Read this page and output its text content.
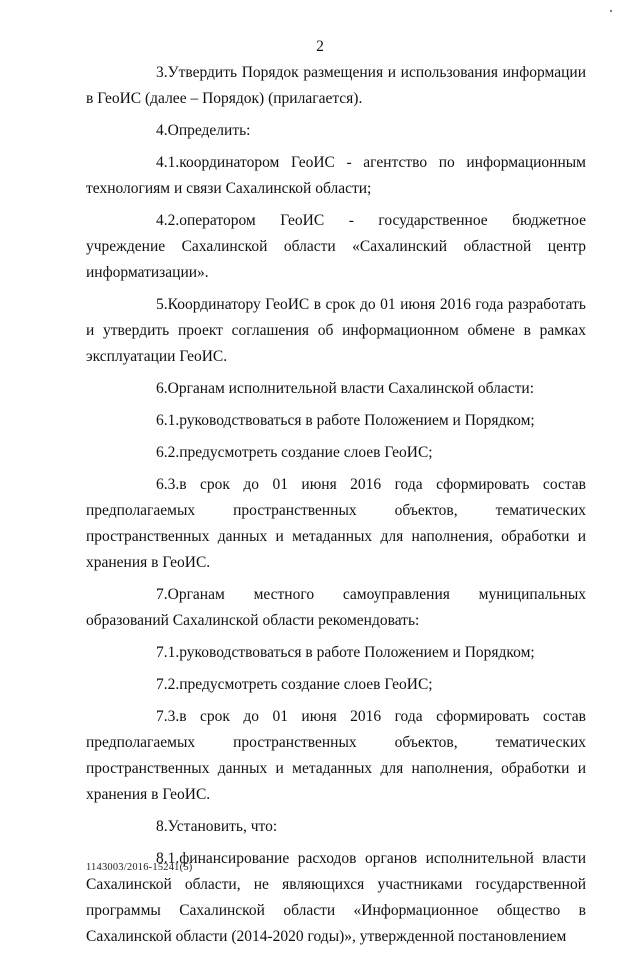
2

3.Утвердить Порядок размещения и использования информации в ГеоИС (далее – Порядок) (прилагается).

4.Определить:

4.1.координатором ГеоИС - агентство по информационным технологиям и связи Сахалинской области;

4.2.оператором ГеоИС - государственное бюджетное учреждение Сахалинской области «Сахалинский областной центр информатизации».

5.Координатору ГеоИС в срок до 01 июня 2016 года разработать и утвердить проект соглашения об информационном обмене в рамках эксплуатации ГеоИС.

6.Органам исполнительной власти Сахалинской области:

6.1.руководствоваться в работе Положением и Порядком;

6.2.предусмотреть создание слоев ГеоИС;

6.3.в срок до 01 июня 2016 года сформировать состав предполагаемых пространственных объектов, тематических пространственных данных и метаданных для наполнения, обработки и хранения в ГеоИС.

7.Органам местного самоуправления муниципальных образований Сахалинской области рекомендовать:

7.1.руководствоваться в работе Положением и Порядком;

7.2.предусмотреть создание слоев ГеоИС;

7.3.в срок до 01 июня 2016 года сформировать состав предполагаемых пространственных объектов, тематических пространственных данных и метаданных для наполнения, обработки и хранения в ГеоИС.

8.Установить, что:

8.1.финансирование расходов органов исполнительной власти Сахалинской области, не являющихся участниками государственной программы Сахалинской области «Информационное общество в Сахалинской области (2014-2020 годы)», утвержденной постановлением

1143003/2016-15241(5)
